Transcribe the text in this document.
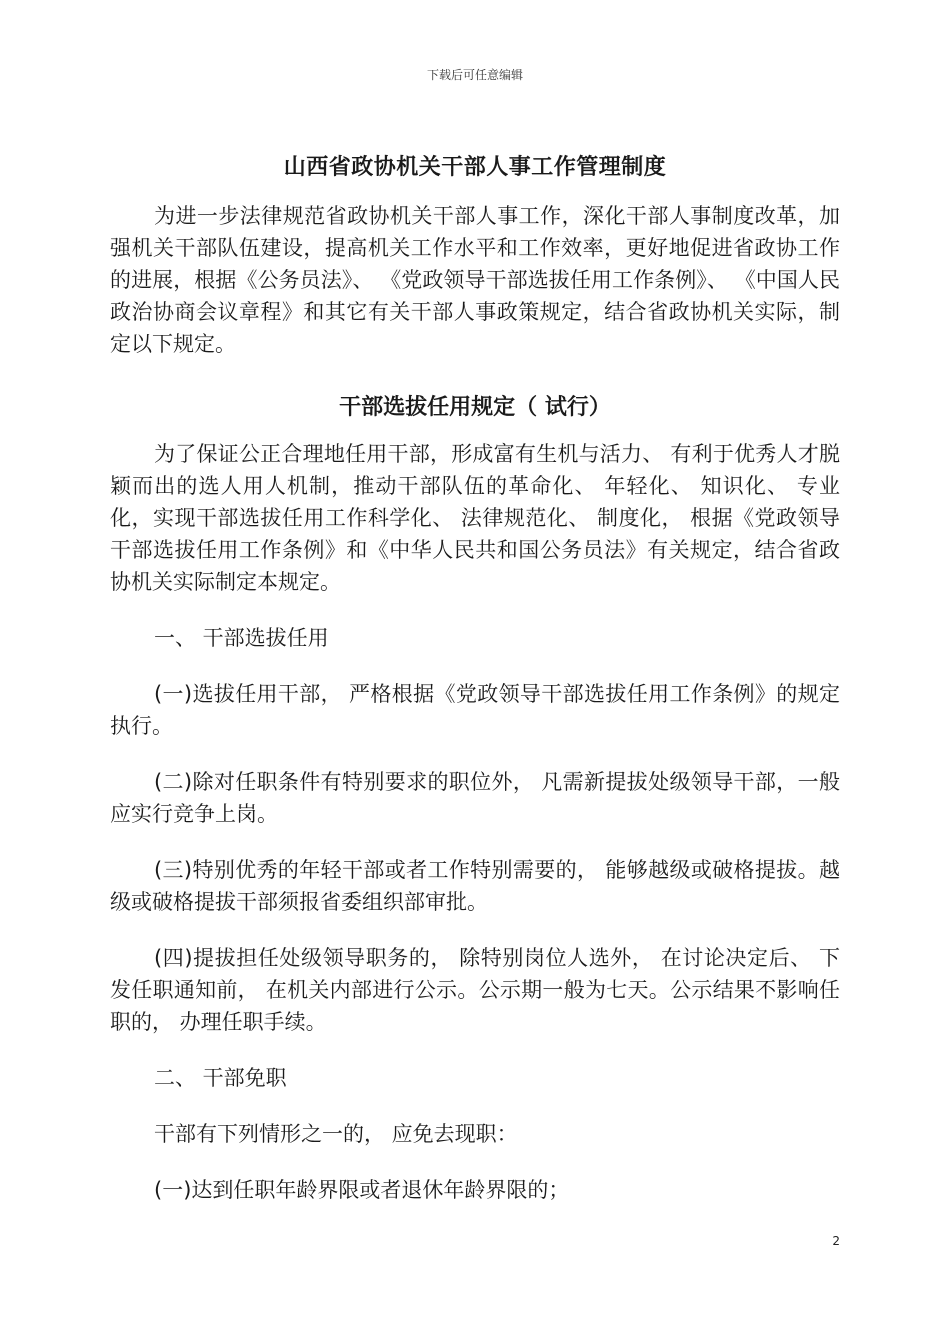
下载后可任意编辑
山西省政协机关干部人事工作管理制度

为进一步法律规范省政协机关干部人事工作，深化干部人事制度改革，加强机关干部队伍建设，提高机关工作水平和工作效率，更好地促进省政协工作的进展，根据《公务员法》、 《党政领导干部选拔任用工作条例》、 《中国人民政治协商会议章程》和其它有关干部人事政策规定，结合省政协机关实际，制定以下规定。

干部选拔任用规定（ 试行）

为了保证公正合理地任用干部，形成富有生机与活力、 有利于优秀人才脱颖而出的选人用人机制，推动干部队伍的革命化、 年轻化、 知识化、 专业化，实现干部选拔任用工作科学化、 法律规范化、 制度化， 根据《党政领导干部选拔任用工作条例》和《中华人民共和国公务员法》有关规定，结合省政协机关实际制定本规定。

一、 干部选拔任用

(一)选拔任用干部， 严格根据《党政领导干部选拔任用工作条例》的规定执行。

(二)除对任职条件有特别要求的职位外， 凡需新提拔处级领导干部，一般应实行竞争上岗。

(三)特别优秀的年轻干部或者工作特别需要的， 能够越级或破格提拔。越级或破格提拔干部须报省委组织部审批。

(四)提拔担任处级领导职务的， 除特别岗位人选外， 在讨论决定后、 下发任职通知前， 在机关内部进行公示。公示期一般为七天。公示结果不影响任职的， 办理任职手续。

二、 干部免职

干部有下列情形之一的， 应免去现职：

(一)达到任职年龄界限或者退休年龄界限的；

2
